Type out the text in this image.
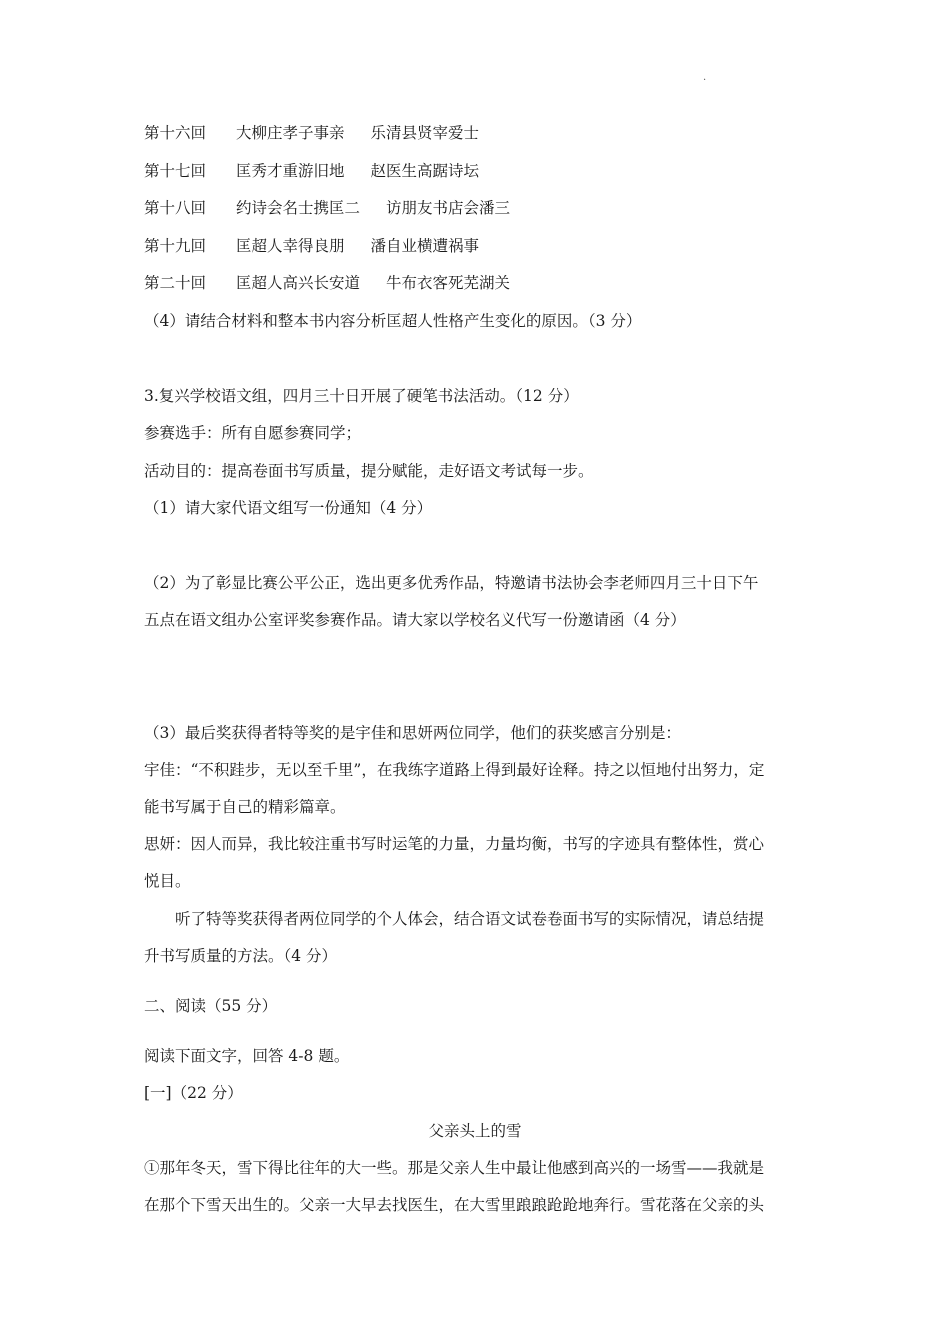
.
第十六回 大柳庄孝子事亲 乐清县贤宰爱士
第十七回 匡秀才重游旧地 赵医生高踞诗坛
第十八回 约诗会名士携匡二 访朋友书店会潘三
第十九回 匡超人幸得良朋 潘自业横遭祸事
第二十回 匡超人高兴长安道 牛布衣客死芜湖关
（4）请结合材料和整本书内容分析匡超人性格产生变化的原因。（3 分）
3.复兴学校语文组，四月三十日开展了硬笔书法活动。（12 分）
参赛选手：所有自愿参赛同学；
活动目的：提高卷面书写质量，提分赋能，走好语文考试每一步。
（1）请大家代语文组写一份通知（4 分）
（2）为了彰显比赛公平公正，选出更多优秀作品，特邀请书法协会李老师四月三十日下午
五点在语文组办公室评奖参赛作品。请大家以学校名义代写一份邀请函（4 分）
（3）最后奖获得者特等奖的是宇佳和思妍两位同学，他们的获奖感言分别是：
宇佳：“不积跬步，无以至千里”，在我练字道路上得到最好诠释。持之以恒地付出努力，定
能书写属于自己的精彩篇章。
思妍：因人而异，我比较注重书写时运笔的力量，力量均衡，书写的字迹具有整体性，赏心
悦目。
听了特等奖获得者两位同学的个人体会，结合语文试卷卷面书写的实际情况，请总结提
升书写质量的方法。（4 分）
二、阅读（55 分）
阅读下面文字，回答 4-8 题。
[一]（22 分）
父亲头上的雪
①那年冬天，雪下得比往年的大一些。那是父亲人生中最让他感到高兴的一场雪——我就是
在那个下雪天出生的。父亲一大早去找医生，在大雪里踉踉跄跄地奔行。雪花落在父亲的头
